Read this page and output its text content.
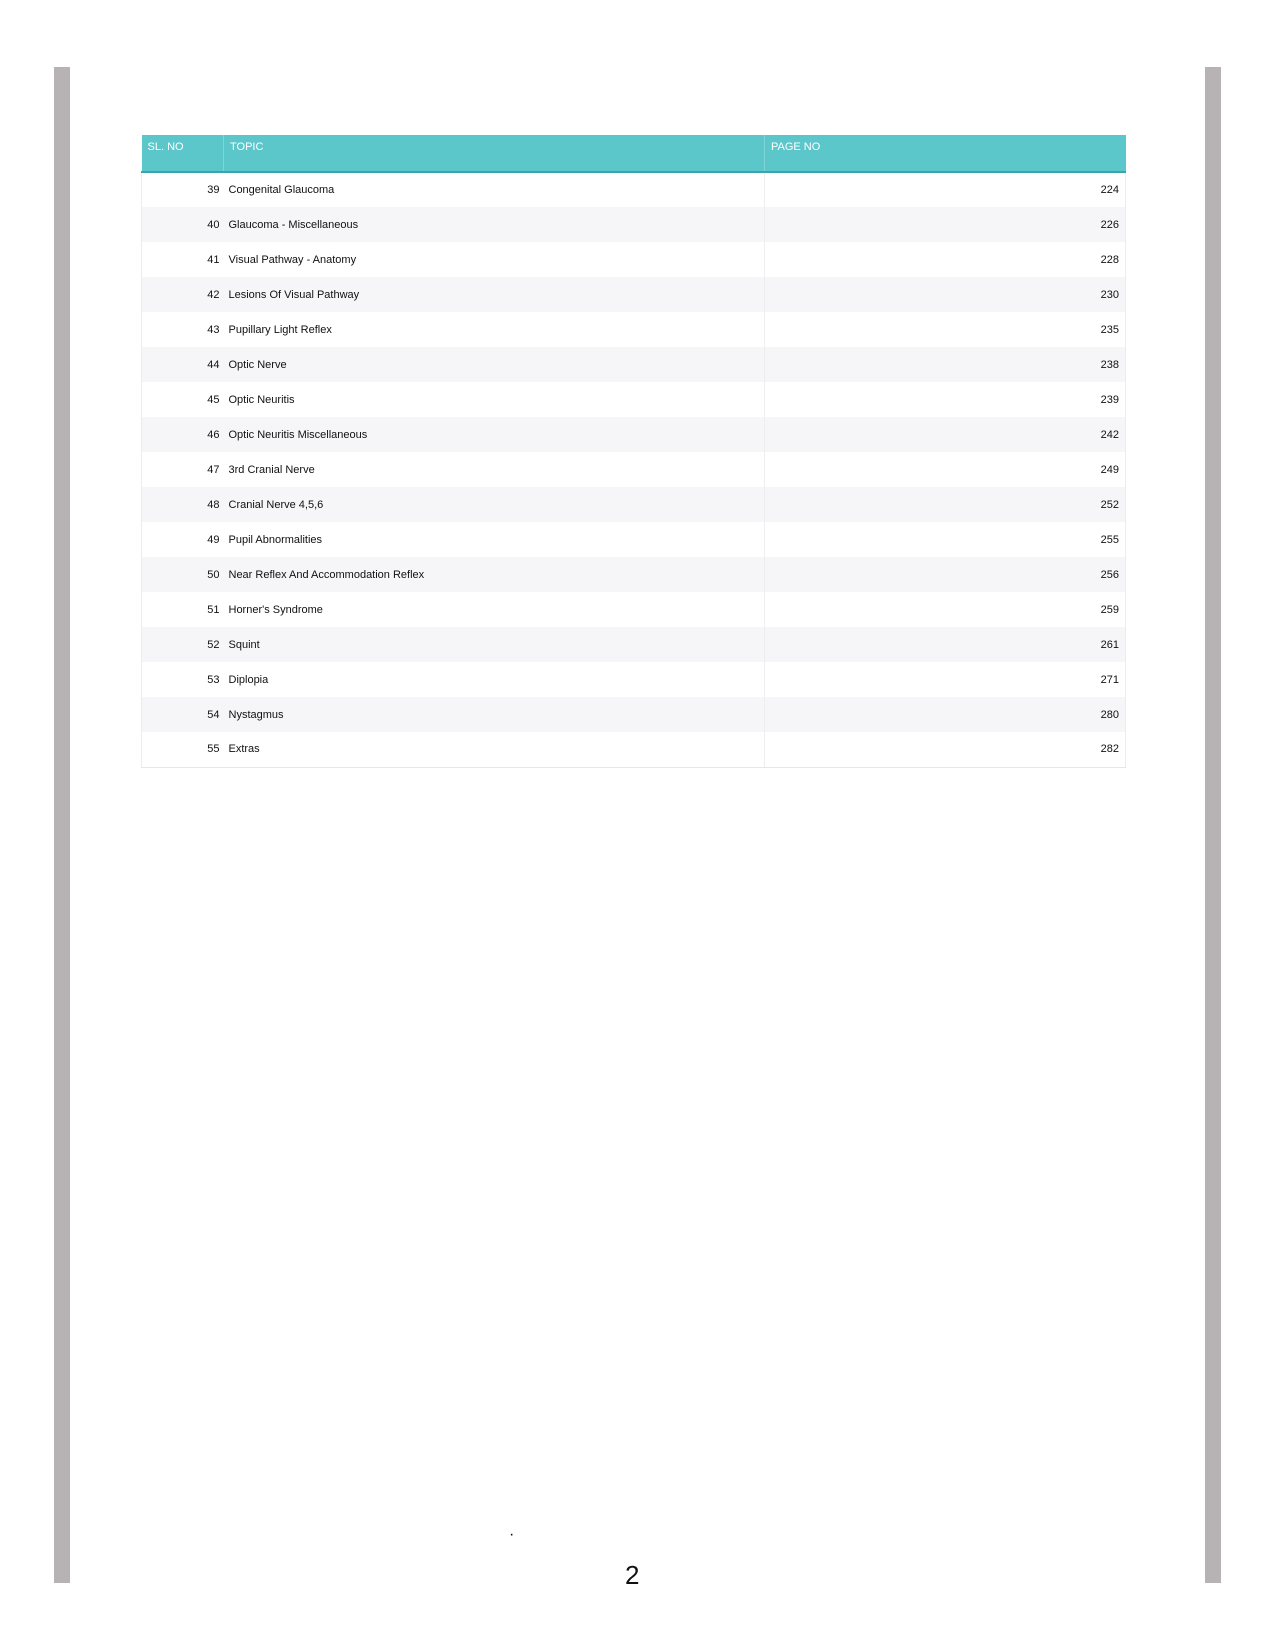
SL. NO	TOPIC	PAGE NO
39	Congenital Glaucoma	224
40	Glaucoma - Miscellaneous	226
41	Visual Pathway - Anatomy	228
42	Lesions Of Visual Pathway	230
43	Pupillary Light Reflex	235
44	Optic Nerve	238
45	Optic Neuritis	239
46	Optic Neuritis Miscellaneous	242
47	3rd Cranial Nerve	249
48	Cranial Nerve 4,5,6	252
49	Pupil Abnormalities	255
50	Near Reflex And Accommodation Reflex	256
51	Horner's Syndrome	259
52	Squint	261
53	Diplopia	271
54	Nystagmus	280
55	Extras	282
·
2
